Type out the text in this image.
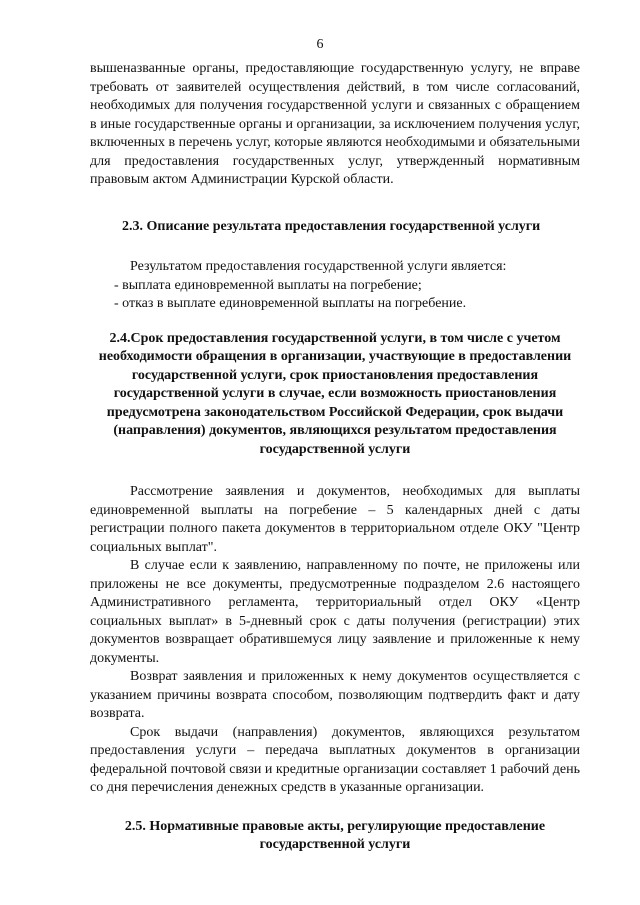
6

вышеназванные органы, предоставляющие государственную услугу, не вправе требовать от заявителей осуществления действий, в том числе согласований, необходимых для получения государственной услуги и связанных с обращением в иные государственные органы и организации, за исключением получения услуг, включенных в перечень услуг, которые являются необходимыми и обязательными для предоставления государственных услуг, утвержденный нормативным правовым актом Администрации Курской области.

2.3. Описание результата предоставления государственной услуги

Результатом предоставления государственной услуги является:

- выплата единовременной выплаты на погребение;

- отказ в выплате единовременной выплаты на погребение.

2.4.Срок предоставления государственной услуги, в том числе с учетом необходимости обращения в организации, участвующие в предоставлении государственной услуги, срок приостановления предоставления государственной услуги в случае, если возможность приостановления предусмотрена законодательством Российской Федерации, срок выдачи (направления) документов, являющихся результатом предоставления государственной услуги

Рассмотрение заявления и документов, необходимых для выплаты единовременной выплаты на погребение – 5 календарных дней с даты регистрации полного пакета документов в территориальном отделе ОКУ "Центр социальных выплат".

В случае если к заявлению, направленному по почте, не приложены или приложены не все документы, предусмотренные подразделом 2.6 настоящего Административного регламента, территориальный отдел ОКУ «Центр социальных выплат» в 5-дневный срок с даты получения (регистрации) этих документов возвращает обратившемуся лицу заявление и приложенные к нему документы.

Возврат заявления и приложенных к нему документов осуществляется с указанием причины возврата способом, позволяющим подтвердить факт и дату возврата.

Срок выдачи (направления) документов, являющихся результатом предоставления услуги – передача выплатных документов в организации федеральной почтовой связи и кредитные организации составляет 1 рабочий день со дня перечисления денежных средств в указанные организации.

2.5. Нормативные правовые акты, регулирующие предоставление государственной услуги
